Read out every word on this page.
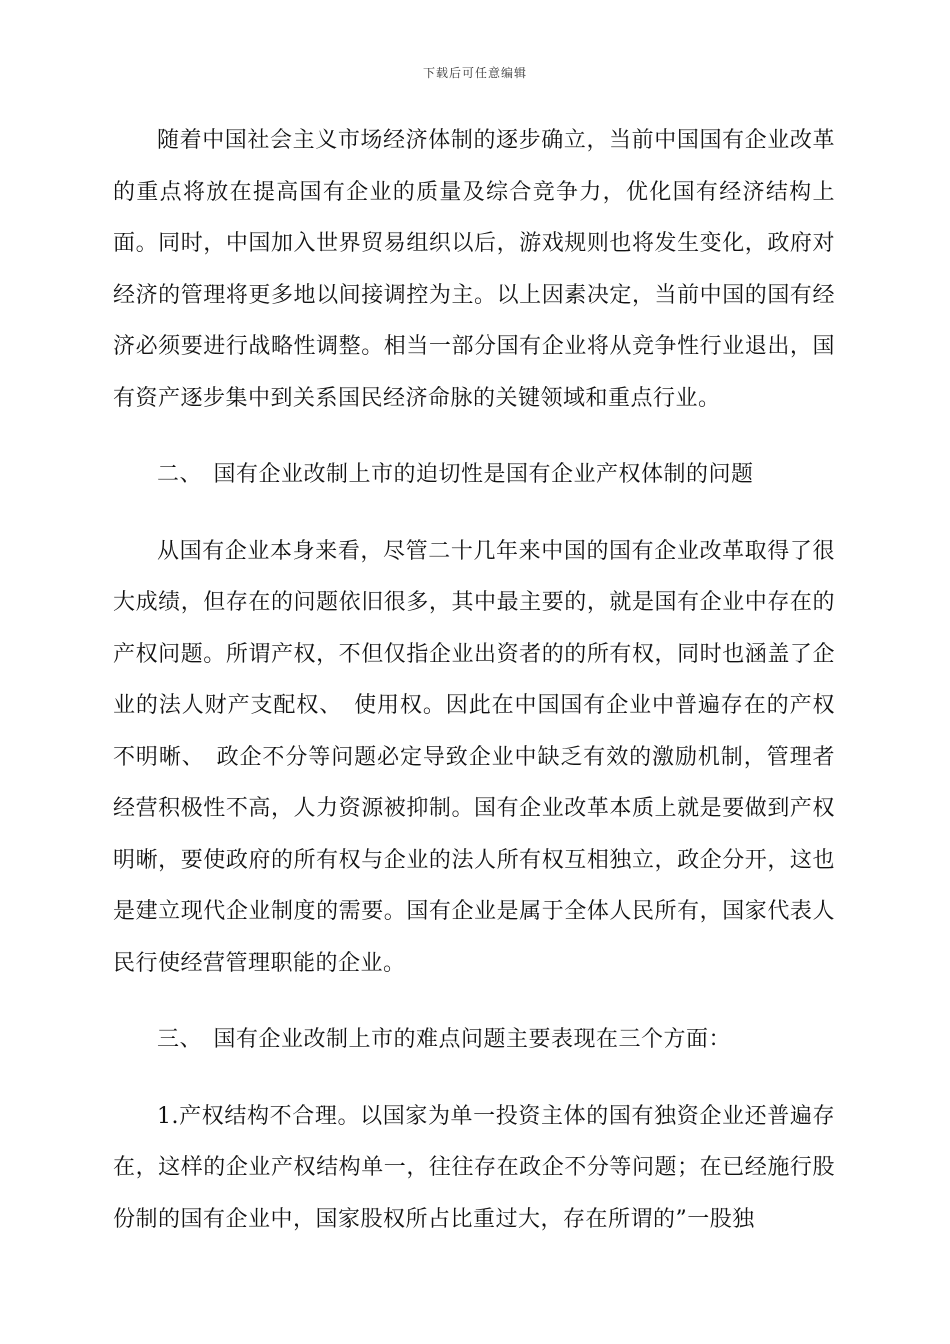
下载后可任意编辑

随着中国社会主义市场经济体制的逐步确立，当前中国国有企业改革的重点将放在提高国有企业的质量及综合竞争力，优化国有经济结构上面。同时，中国加入世界贸易组织以后，游戏规则也将发生变化，政府对经济的管理将更多地以间接调控为主。以上因素决定，当前中国的国有经济必须要进行战略性调整。相当一部分国有企业将从竞争性行业退出，国有资产逐步集中到关系国民经济命脉的关键领域和重点行业。

二、　国有企业改制上市的迫切性是国有企业产权体制的问题

从国有企业本身来看，尽管二十几年来中国的国有企业改革取得了很大成绩，但存在的问题依旧很多，其中最主要的，就是国有企业中存在的产权问题。所谓产权，不但仅指企业出资者的的所有权，同时也涵盖了企业的法人财产支配权、　使用权。因此在中国国有企业中普遍存在的产权不明晰、　政企不分等问题必定导致企业中缺乏有效的激励机制，管理者经营积极性不高，人力资源被抑制。国有企业改革本质上就是要做到产权明晰，要使政府的所有权与企业的法人所有权互相独立，政企分开，这也是建立现代企业制度的需要。国有企业是属于全体人民所有，国家代表人民行使经营管理职能的企业。

三、　国有企业改制上市的难点问题主要表现在三个方面：

1.产权结构不合理。以国家为单一投资主体的国有独资企业还普遍存在，这样的企业产权结构单一，往往存在政企不分等问题；在已经施行股份制的国有企业中，国家股权所占比重过大，存在所谓的”一股独
